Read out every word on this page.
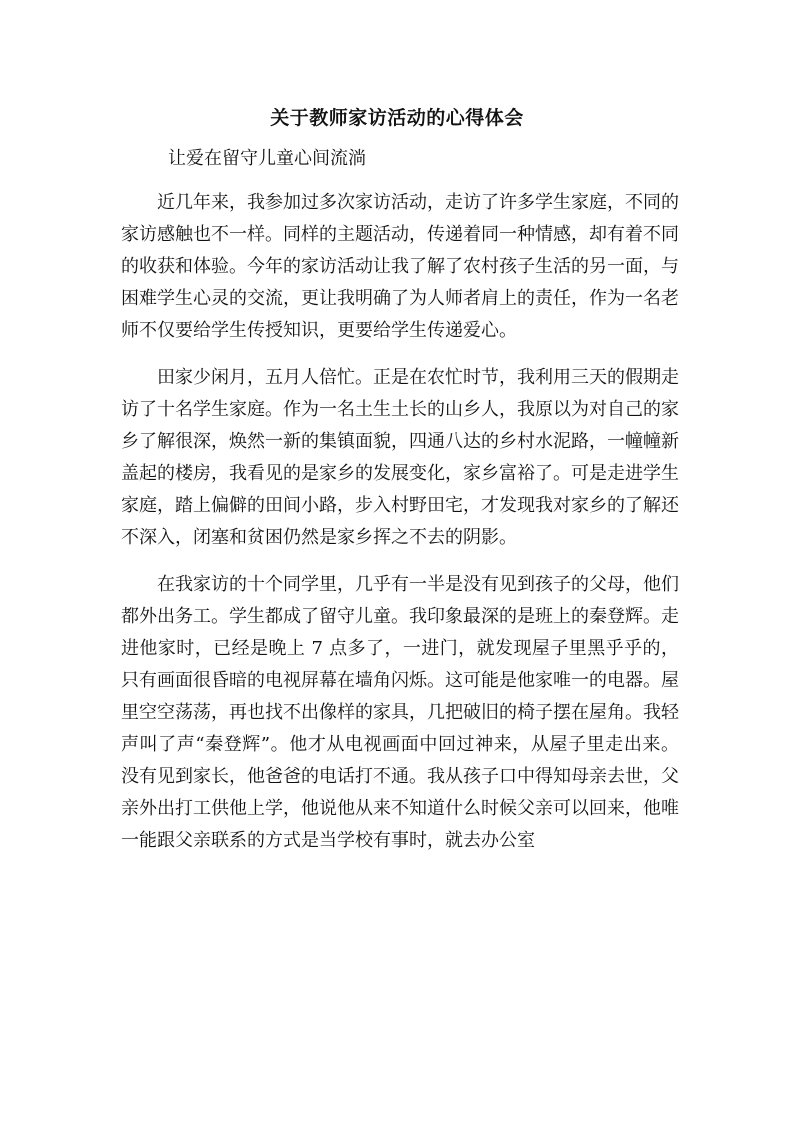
关于教师家访活动的心得体会
让爱在留守儿童心间流淌

　　近几年来，我参加过多次家访活动，走访了许多学生家庭，不同的家访感触也不一样。同样的主题活动，传递着同一种情感，却有着不同的收获和体验。今年的家访活动让我了解了农村孩子生活的另一面，与困难学生心灵的交流，更让我明确了为人师者肩上的责任，作为一名老师不仅要给学生传授知识，更要给学生传递爱心。

　　田家少闲月，五月人倍忙。正是在农忙时节，我利用三天的假期走访了十名学生家庭。作为一名土生土长的山乡人，我原以为对自己的家乡了解很深，焕然一新的集镇面貌，四通八达的乡村水泥路，一幢幢新盖起的楼房，我看见的是家乡的发展变化，家乡富裕了。可是走进学生家庭，踏上偏僻的田间小路，步入村野田宅，才发现我对家乡的了解还不深入，闭塞和贫困仍然是家乡挥之不去的阴影。

　　在我家访的十个同学里，几乎有一半是没有见到孩子的父母，他们都外出务工。学生都成了留守儿童。我印象最深的是班上的秦登辉。走进他家时，已经是晚上 7 点多了，一进门，就发现屋子里黑乎乎的，只有画面很昏暗的电视屏幕在墙角闪烁。这可能是他家唯一的电器。屋里空空荡荡，再也找不出像样的家具，几把破旧的椅子摆在屋角。我轻声叫了声“秦登辉”。他才从电视画面中回过神来，从屋子里走出来。没有见到家长，他爸爸的电话打不通。我从孩子口中得知母亲去世，父亲外出打工供他上学，他说他从来不知道什么时候父亲可以回来，他唯一能跟父亲联系的方式是当学校有事时，就去办公室
